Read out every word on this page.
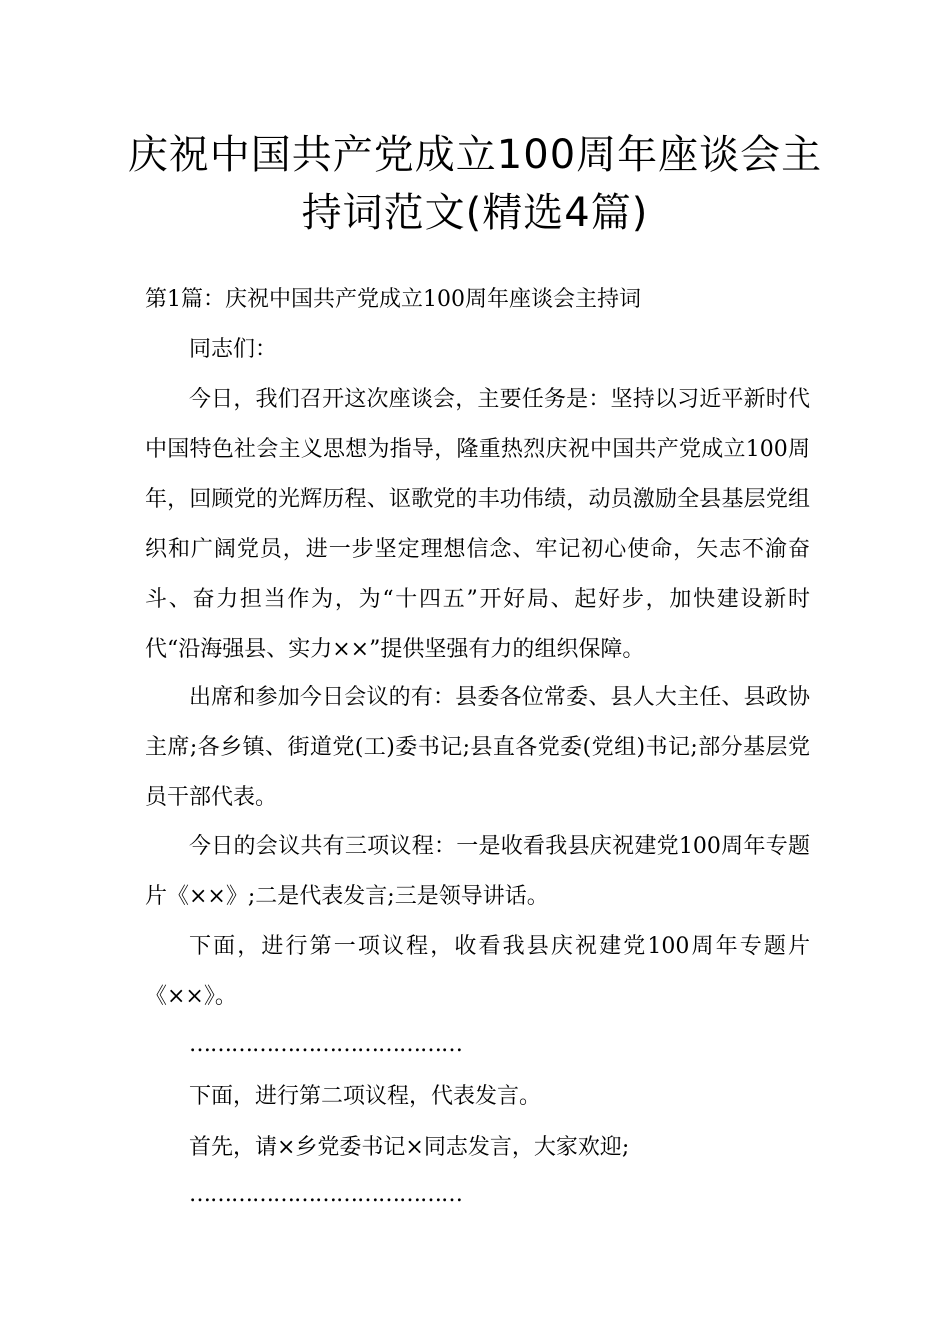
庆祝中国共产党成立100周年座谈会主持词范文(精选4篇)
第1篇：庆祝中国共产党成立100周年座谈会主持词
同志们：

今日，我们召开这次座谈会，主要任务是：坚持以习近平新时代中国特色社会主义思想为指导，隆重热烈庆祝中国共产党成立100周年，回顾党的光辉历程、讴歌党的丰功伟绩，动员激励全县基层党组织和广阔党员，进一步坚定理想信念、牢记初心使命，矢志不渝奋斗、奋力担当作为，为“十四五”开好局、起好步，加快建设新时代“沿海强县、实力××”提供坚强有力的组织保障。

出席和参加今日会议的有：县委各位常委、县人大主任、县政协主席;各乡镇、街道党(工)委书记;县直各党委(党组)书记;部分基层党员干部代表。

今日的会议共有三项议程：一是收看我县庆祝建党100周年专题片《××》;二是代表发言;三是领导讲话。

下面，进行第一项议程，收看我县庆祝建党100周年专题片《××》。

…………………………………
下面，进行第二项议程，代表发言。
首先，请×乡党委书记×同志发言，大家欢迎;
…………………………………
